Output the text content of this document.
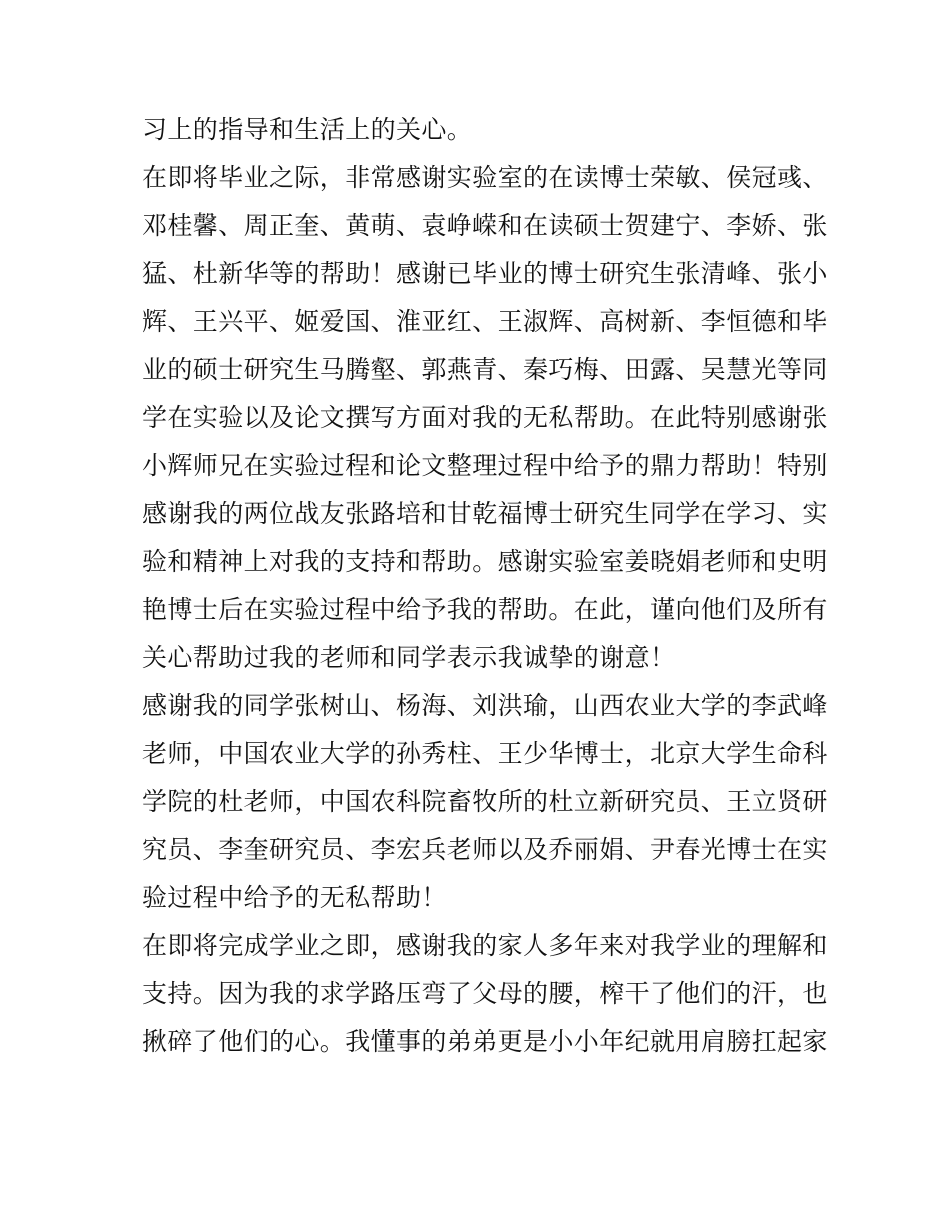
习上的指导和生活上的关心。
在即将毕业之际，非常感谢实验室的在读博士荣敏、侯冠彧、
邓桂馨、周正奎、黄萌、袁峥嵘和在读硕士贺建宁、李娇、张
猛、杜新华等的帮助！感谢已毕业的博士研究生张清峰、张小
辉、王兴平、姬爱国、淮亚红、王淑辉、高树新、李恒德和毕
业的硕士研究生马腾壑、郭燕青、秦巧梅、田露、吴慧光等同
学在实验以及论文撰写方面对我的无私帮助。在此特别感谢张
小辉师兄在实验过程和论文整理过程中给予的鼎力帮助！特别
感谢我的两位战友张路培和甘乾福博士研究生同学在学习、实
验和精神上对我的支持和帮助。感谢实验室姜晓娟老师和史明
艳博士后在实验过程中给予我的帮助。在此，谨向他们及所有
关心帮助过我的老师和同学表示我诚挚的谢意！
感谢我的同学张树山、杨海、刘洪瑜，山西农业大学的李武峰
老师，中国农业大学的孙秀柱、王少华博士，北京大学生命科
学院的杜老师，中国农科院畜牧所的杜立新研究员、王立贤研
究员、李奎研究员、李宏兵老师以及乔丽娟、尹春光博士在实
验过程中给予的无私帮助！
在即将完成学业之即，感谢我的家人多年来对我学业的理解和
支持。因为我的求学路压弯了父母的腰，榨干了他们的汗，也
揪碎了他们的心。我懂事的弟弟更是小小年纪就用肩膀扛起家
